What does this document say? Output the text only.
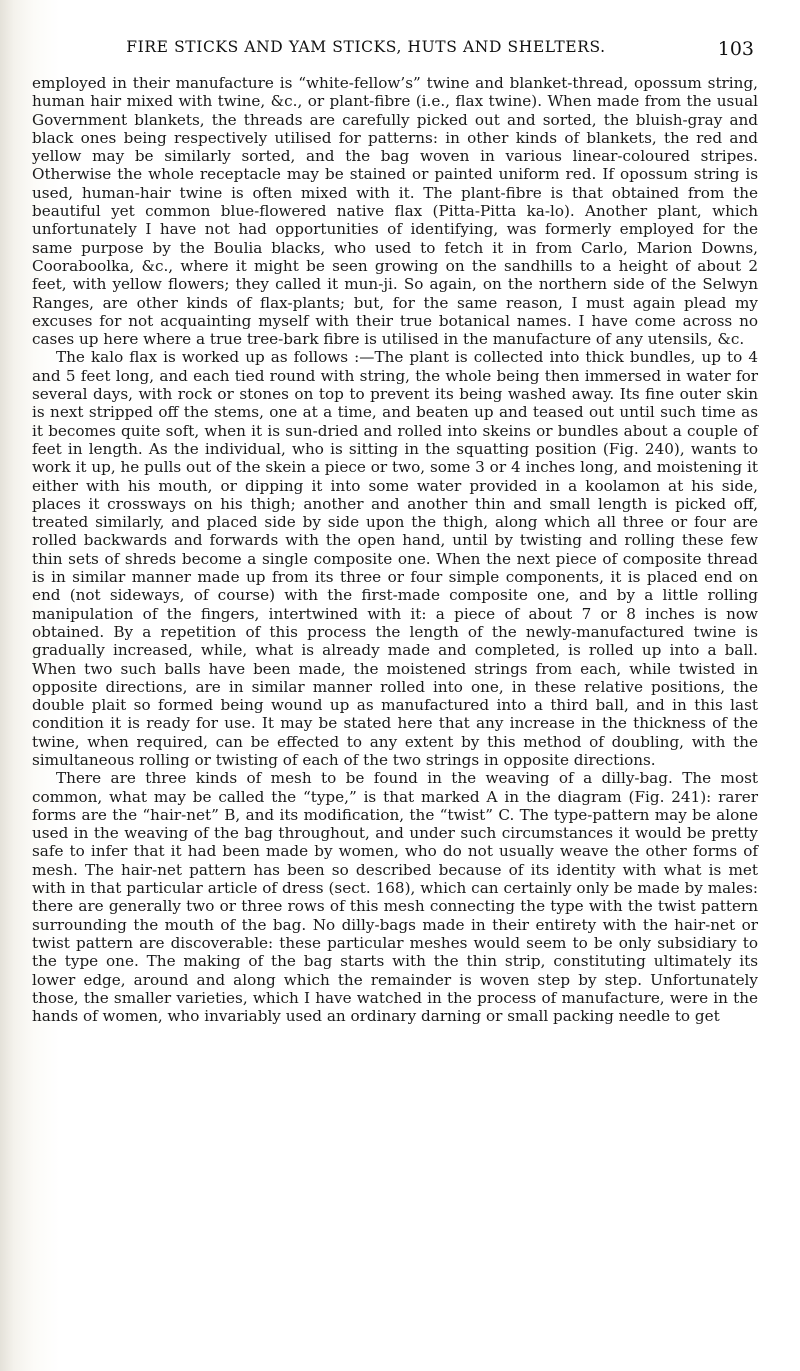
FIRE STICKS AND YAM STICKS, HUTS AND SHELTERS.	103

employed in their manufacture is “white-fellow’s” twine and blanket-thread, opossum string, human hair mixed with twine, &c., or plant-fibre (i.e., flax twine). When made from the usual Government blankets, the threads are carefully picked out and sorted, the bluish-gray and black ones being respectively utilised for patterns: in other kinds of blankets, the red and yellow may be similarly sorted, and the bag woven in various linear-coloured stripes. Otherwise the whole receptacle may be stained or painted uniform red. If opossum string is used, human-hair twine is often mixed with it. The plant-fibre is that obtained from the beautiful yet common blue-flowered native flax (Pitta-Pitta ka-lo). Another plant, which unfortunately I have not had opportunities of identifying, was formerly employed for the same purpose by the Boulia blacks, who used to fetch it in from Carlo, Marion Downs, Cooraboolka, &c., where it might be seen growing on the sandhills to a height of about 2 feet, with yellow flowers; they called it mun-ji. So again, on the northern side of the Selwyn Ranges, are other kinds of flax-plants; but, for the same reason, I must again plead my excuses for not acquainting myself with their true botanical names. I have come across no cases up here where a true tree-bark fibre is utilised in the manufacture of any utensils, &c.

The kalo flax is worked up as follows :—The plant is collected into thick bundles, up to 4 and 5 feet long, and each tied round with string, the whole being then immersed in water for several days, with rock or stones on top to prevent its being washed away. Its fine outer skin is next stripped off the stems, one at a time, and beaten up and teased out until such time as it becomes quite soft, when it is sun-dried and rolled into skeins or bundles about a couple of feet in length. As the individual, who is sitting in the squatting position (Fig. 240), wants to work it up, he pulls out of the skein a piece or two, some 3 or 4 inches long, and moistening it either with his mouth, or dipping it into some water provided in a koolamon at his side, places it crossways on his thigh; another and another thin and small length is picked off, treated similarly, and placed side by side upon the thigh, along which all three or four are rolled backwards and forwards with the open hand, until by twisting and rolling these few thin sets of shreds become a single composite one. When the next piece of composite thread is in similar manner made up from its three or four simple components, it is placed end on end (not sideways, of course) with the first-made composite one, and by a little rolling manipulation of the fingers, intertwined with it: a piece of about 7 or 8 inches is now obtained. By a repetition of this process the length of the newly-manufactured twine is gradually increased, while, what is already made and completed, is rolled up into a ball. When two such balls have been made, the moistened strings from each, while twisted in opposite directions, are in similar manner rolled into one, in these relative positions, the double plait so formed being wound up as manufactured into a third ball, and in this last condition it is ready for use. It may be stated here that any increase in the thickness of the twine, when required, can be effected to any extent by this method of doubling, with the simultaneous rolling or twisting of each of the two strings in opposite directions.

There are three kinds of mesh to be found in the weaving of a dilly-bag. The most common, what may be called the “type,” is that marked A in the diagram (Fig. 241): rarer forms are the “hair-net” B, and its modification, the “twist” C. The type-pattern may be alone used in the weaving of the bag throughout, and under such circumstances it would be pretty safe to infer that it had been made by women, who do not usually weave the other forms of mesh. The hair-net pattern has been so described because of its identity with what is met with in that particular article of dress (sect. 168), which can certainly only be made by males: there are generally two or three rows of this mesh connecting the type with the twist pattern surrounding the mouth of the bag. No dilly-bags made in their entirety with the hair-net or twist pattern are discoverable: these particular meshes would seem to be only subsidiary to the type one. The making of the bag starts with the thin strip, constituting ultimately its lower edge, around and along which the remainder is woven step by step. Unfortunately those, the smaller varieties, which I have watched in the process of manufacture, were in the hands of women, who invariably used an ordinary darning or small packing needle to get
